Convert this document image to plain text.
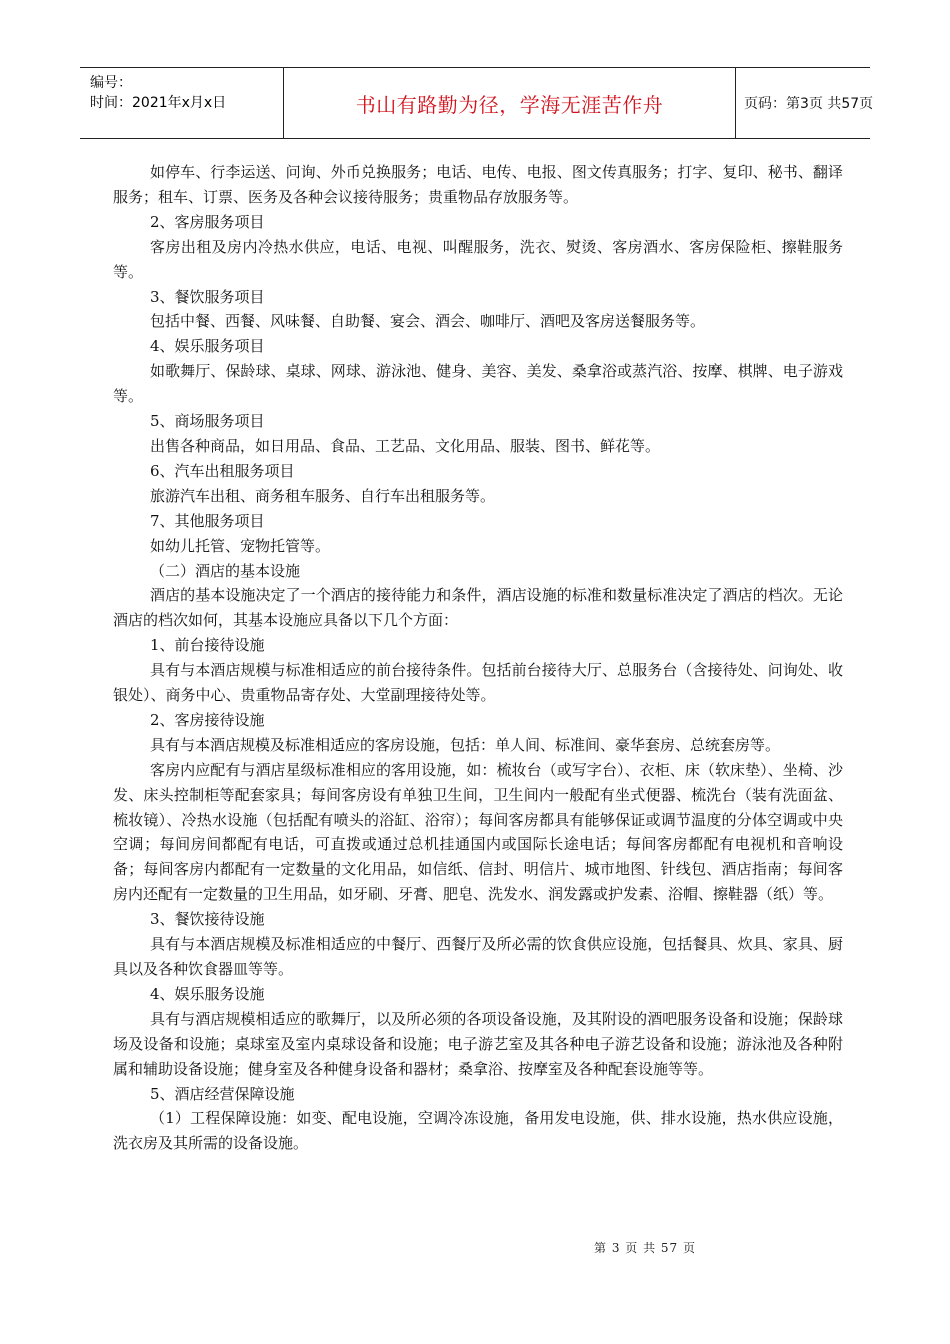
编号：
时间：2021年x月x日	书山有路勤为径，学海无涯苦作舟	页码：第3页 共57页

如停车、行李运送、问询、外币兑换服务；电话、电传、电报、图文传真服务；打字、复印、秘书、翻译服务；租车、订票、医务及各种会议接待服务；贵重物品存放服务等。

2、客房服务项目

客房出租及房内冷热水供应，电话、电视、叫醒服务，洗衣、熨烫、客房酒水、客房保险柜、擦鞋服务等。

3、餐饮服务项目

包括中餐、西餐、风味餐、自助餐、宴会、酒会、咖啡厅、酒吧及客房送餐服务等。

4、娱乐服务项目

如歌舞厅、保龄球、桌球、网球、游泳池、健身、美容、美发、桑拿浴或蒸汽浴、按摩、棋牌、电子游戏等。

5、商场服务项目

出售各种商品，如日用品、食品、工艺品、文化用品、服装、图书、鲜花等。

6、汽车出租服务项目

旅游汽车出租、商务租车服务、自行车出租服务等。

7、其他服务项目

如幼儿托管、宠物托管等。

（二）酒店的基本设施

酒店的基本设施决定了一个酒店的接待能力和条件，酒店设施的标准和数量标准决定了酒店的档次。无论酒店的档次如何，其基本设施应具备以下几个方面：

1、前台接待设施

具有与本酒店规模与标准相适应的前台接待条件。包括前台接待大厅、总服务台（含接待处、问询处、收银处）、商务中心、贵重物品寄存处、大堂副理接待处等。

2、客房接待设施

具有与本酒店规模及标准相适应的客房设施，包括：单人间、标准间、豪华套房、总统套房等。

客房内应配有与酒店星级标准相应的客用设施，如：梳妆台（或写字台）、衣柜、床（软床垫）、坐椅、沙发、床头控制柜等配套家具；每间客房设有单独卫生间，卫生间内一般配有坐式便器、梳洗台（装有洗面盆、梳妆镜）、冷热水设施（包括配有喷头的浴缸、浴帘）；每间客房都具有能够保证或调节温度的分体空调或中央空调；每间房间都配有电话，可直拨或通过总机挂通国内或国际长途电话；每间客房都配有电视机和音响设备；每间客房内都配有一定数量的文化用品，如信纸、信封、明信片、城市地图、针线包、酒店指南；每间客房内还配有一定数量的卫生用品，如牙刷、牙膏、肥皂、洗发水、润发露或护发素、浴帽、擦鞋器（纸）等。

3、餐饮接待设施

具有与本酒店规模及标准相适应的中餐厅、西餐厅及所必需的饮食供应设施，包括餐具、炊具、家具、厨具以及各种饮食器皿等等。

4、娱乐服务设施

具有与酒店规模相适应的歌舞厅，以及所必须的各项设备设施，及其附设的酒吧服务设备和设施；保龄球场及设备和设施；桌球室及室内桌球设备和设施；电子游艺室及其各种电子游艺设备和设施；游泳池及各种附属和辅助设备设施；健身室及各种健身设备和器材；桑拿浴、按摩室及各种配套设施等等。

5、酒店经营保障设施

（1）工程保障设施：如变、配电设施，空调冷冻设施，备用发电设施，供、排水设施，热水供应设施，洗衣房及其所需的设备设施。

第 3 页 共 57 页
